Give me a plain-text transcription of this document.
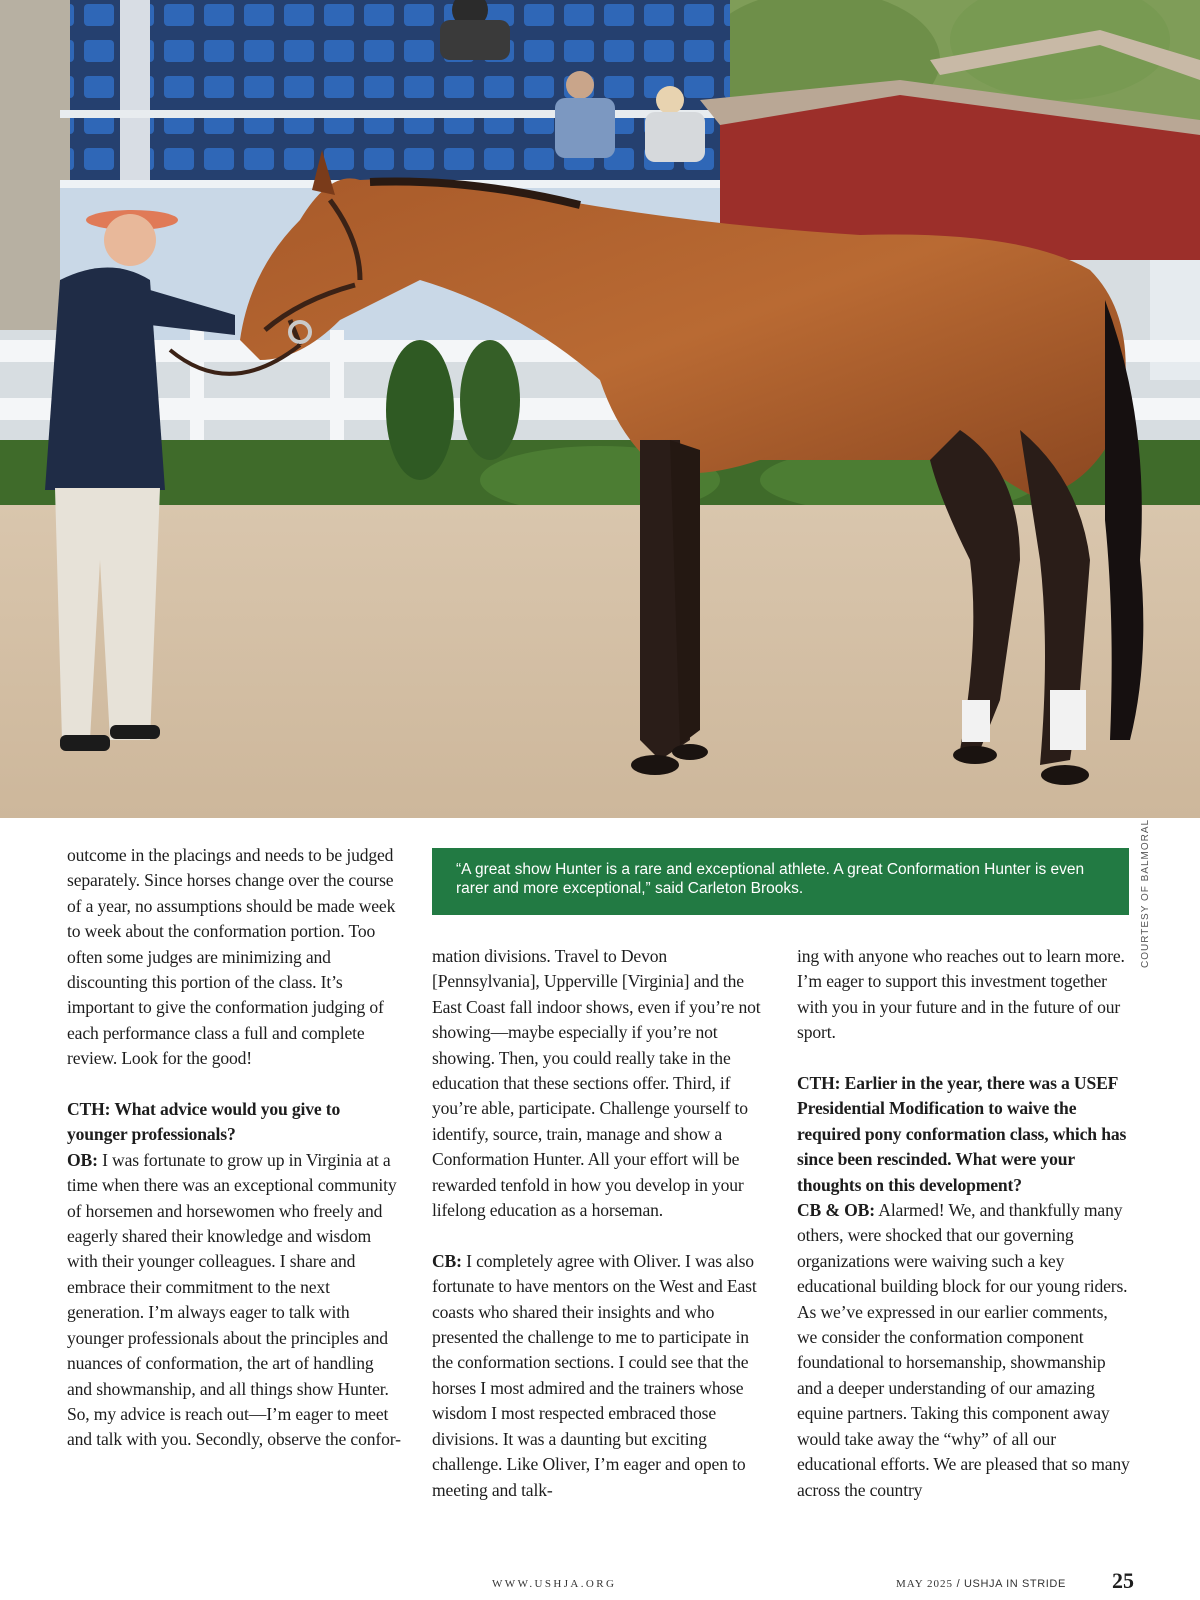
COURTESY OF BALMORAL
“A great show Hunter is a rare and exceptional athlete. A great Conformation Hunter is even rarer and more exceptional,” said Carleton Brooks.

outcome in the placings and needs to be judged separately. Since horses change over the course of a year, no assumptions should be made week to week about the conformation portion. Too often some judges are minimizing and discounting this portion of the class. It’s important to give the conformation judging of each performance class a full and complete review. Look for the good!

CTH: What advice would you give to younger professionals?
OB: I was fortunate to grow up in Virginia at a time when there was an exceptional community of horsemen and horsewomen who freely and eagerly shared their knowledge and wisdom with their younger colleagues. I share and embrace their commitment to the next generation. I’m always eager to talk with younger professionals about the principles and nuances of conformation, the art of handling and showmanship, and all things show Hunter. So, my advice is reach out—I’m eager to meet and talk with you. Secondly, observe the confor-

mation divisions. Travel to Devon [Pennsylvania], Upperville [Virginia] and the East Coast fall indoor shows, even if you’re not showing—maybe especially if you’re not showing. Then, you could really take in the education that these sections offer. Third, if you’re able, participate. Challenge yourself to identify, source, train, manage and show a Conformation Hunter. All your effort will be rewarded tenfold in how you develop in your lifelong education as a horseman.

CB: I completely agree with Oliver. I was also fortunate to have mentors on the West and East coasts who shared their insights and who presented the challenge to me to participate in the conformation sections. I could see that the horses I most admired and the trainers whose wisdom I most respected embraced those divisions. It was a daunting but exciting challenge. Like Oliver, I’m eager and open to meeting and talk-

ing with anyone who reaches out to learn more. I’m eager to support this investment together with you in your future and in the future of our sport.

CTH: Earlier in the year, there was a USEF Presidential Modification to waive the required pony conformation class, which has since been rescinded. What were your thoughts on this development?
CB & OB: Alarmed! We, and thankfully many others, were shocked that our governing organizations were waiving such a key educational building block for our young riders. As we’ve expressed in our earlier comments, we consider the conformation component foundational to horsemanship, showmanship and a deeper understanding of our amazing equine partners. Taking this component away would take away the “why” of all our educational efforts. We are pleased that so many across the country

WWW.USHJA.ORG	MAY 2025 / USHJA IN STRIDE 25
